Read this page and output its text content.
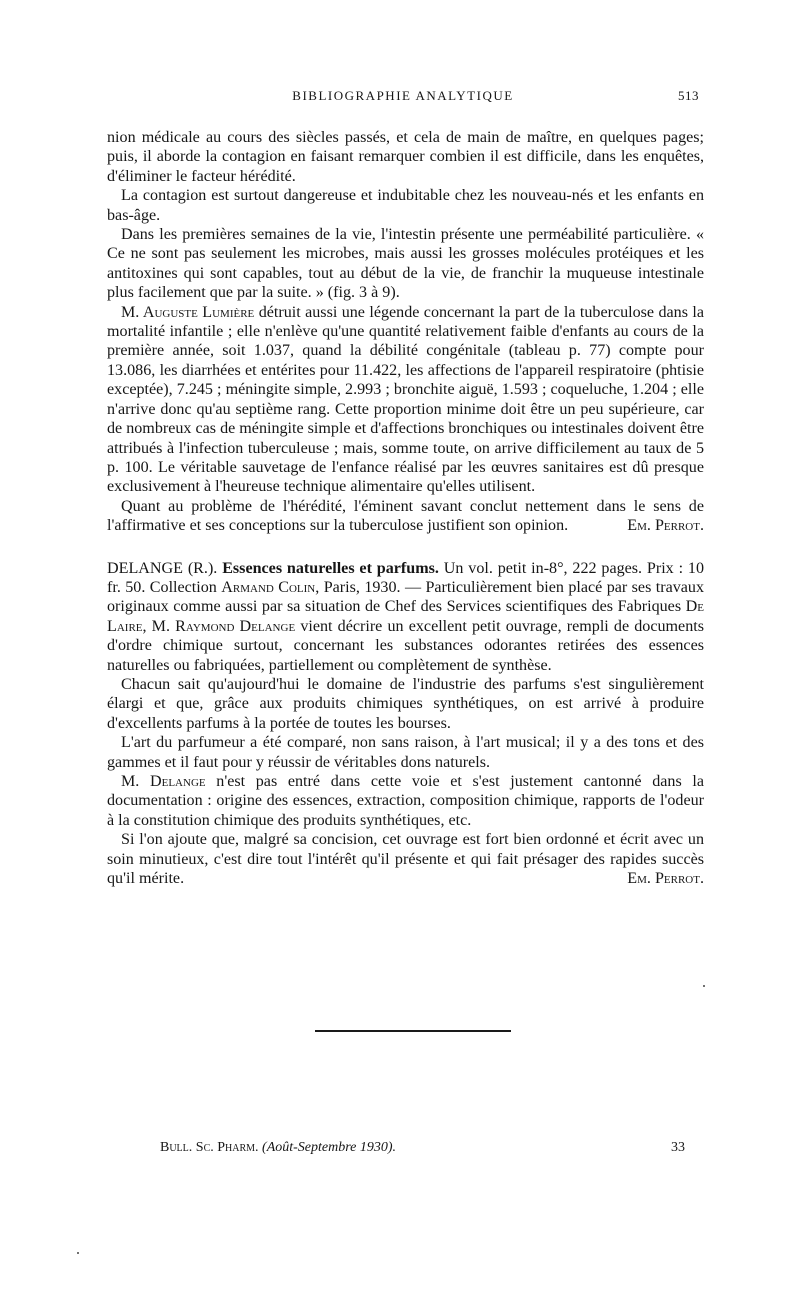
BIBLIOGRAPHIE ANALYTIQUE	513

nion médicale au cours des siècles passés, et cela de main de maître, en quelques pages; puis, il aborde la contagion en faisant remarquer combien il est difficile, dans les enquêtes, d'éliminer le facteur hérédité.

La contagion est surtout dangereuse et indubitable chez les nouveau-nés et les enfants en bas-âge.

Dans les premières semaines de la vie, l'intestin présente une perméabilité particulière. « Ce ne sont pas seulement les microbes, mais aussi les grosses molécules protéiques et les antitoxines qui sont capables, tout au début de la vie, de franchir la muqueuse intestinale plus facilement que par la suite. » (fig. 3 à 9).

M. Auguste Lumière détruit aussi une légende concernant la part de la tuberculose dans la mortalité infantile ; elle n'enlève qu'une quantité relativement faible d'enfants au cours de la première année, soit 1.037, quand la débilité congénitale (tableau p. 77) compte pour 13.086, les diarrhées et entérites pour 11.422, les affections de l'appareil respiratoire (phtisie exceptée), 7.245 ; méningite simple, 2.993 ; bronchite aiguë, 1.593 ; coqueluche, 1.204 ; elle n'arrive donc qu'au septième rang. Cette proportion minime doit être un peu supérieure, car de nombreux cas de méningite simple et d'affections bronchiques ou intestinales doivent être attribués à l'infection tuberculeuse ; mais, somme toute, on arrive difficilement au taux de 5 p. 100. Le véritable sauvetage de l'enfance réalisé par les œuvres sanitaires est dû presque exclusivement à l'heureuse technique alimentaire qu'elles utilisent.

Quant au problème de l'hérédité, l'éminent savant conclut nettement dans le sens de l'affirmative et ses conceptions sur la tuberculose justifient son opinion.	Em. Perrot.

DELANGE (R.). Essences naturelles et parfums. Un vol. petit in-8°, 222 pages. Prix : 10 fr. 50. Collection Armand Colin, Paris, 1930. — Particulièrement bien placé par ses travaux originaux comme aussi par sa situation de Chef des Services scientifiques des Fabriques De Laire, M. Raymond Delange vient décrire un excellent petit ouvrage, rempli de documents d'ordre chimique surtout, concernant les substances odorantes retirées des essences naturelles ou fabriquées, partiellement ou complètement de synthèse.

Chacun sait qu'aujourd'hui le domaine de l'industrie des parfums s'est singulièrement élargi et que, grâce aux produits chimiques synthétiques, on est arrivé à produire d'excellents parfums à la portée de toutes les bourses.

L'art du parfumeur a été comparé, non sans raison, à l'art musical; il y a des tons et des gammes et il faut pour y réussir de véritables dons naturels.

M. Delange n'est pas entré dans cette voie et s'est justement cantonné dans la documentation : origine des essences, extraction, composition chimique, rapports de l'odeur à la constitution chimique des produits synthétiques, etc.

Si l'on ajoute que, malgré sa concision, cet ouvrage est fort bien ordonné et écrit avec un soin minutieux, c'est dire tout l'intérêt qu'il présente et qui fait présager des rapides succès qu'il mérite.	Em. Perrot.

Bull. Sc. Pharm. (Août-Septembre 1930).	33
